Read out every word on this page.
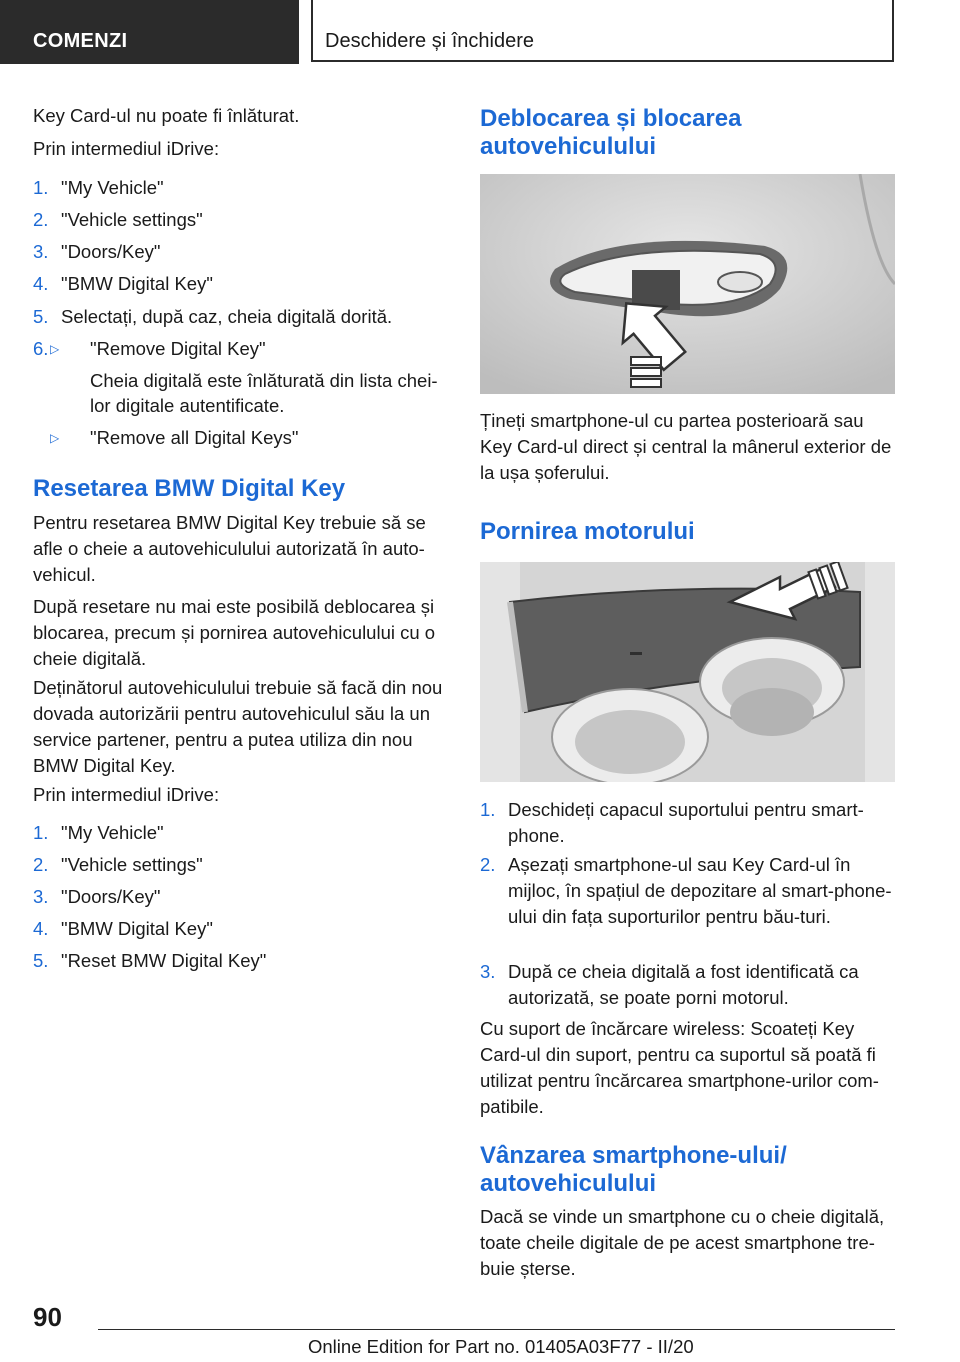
COMENZI	Deschidere și închidere

Key Card-ul nu poate fi înlăturat.

Prin intermediul iDrive:

1. "My Vehicle"
2. "Vehicle settings"
3. "Doors/Key"
4. "BMW Digital Key"
5. Selectați, după caz, cheia digitală dorită.
6. ▷ "Remove Digital Key"
Cheia digitală este înlăturată din lista chei-
lor digitale autentificate.
▷ "Remove all Digital Keys"
Resetarea BMW Digital Key

Pentru resetarea BMW Digital Key trebuie să se afle o cheie a autovehiculului autorizată în auto-vehicul.

După resetare nu mai este posibilă deblocarea și blocarea, precum și pornirea autovehiculului cu o cheie digitală.

Deținătorul autovehiculului trebuie să facă din nou dovada autorizării pentru autovehiculul său la un service partener, pentru a putea utiliza din nou BMW Digital Key.

Prin intermediul iDrive:

1. "My Vehicle"
2. "Vehicle settings"
3. "Doors/Key"
4. "BMW Digital Key"
5. "Reset BMW Digital Key"
Deblocarea și blocarea
autovehiculului

Țineți smartphone-ul cu partea posterioară sau Key Card-ul direct și central la mânerul exterior de la ușa șoferului.

Pornirea motorului
1. Deschideți capacul suportului pentru smart-phone.
2. Așezați smartphone-ul sau Key Card-ul în mijloc, în spațiul de depozitare al smart-phone-ului din fața suporturilor pentru bău-turi.
3. După ce cheia digitală a fost identificată ca autorizată, se poate porni motorul.

Cu suport de încărcare wireless: Scoateți Key Card-ul din suport, pentru ca suportul să poată fi utilizat pentru încărcarea smartphone-urilor com-patibile.

Vânzarea smartphone-ului/
autovehiculului

Dacă se vinde un smartphone cu o cheie digitală, toate cheile digitale de pe acest smartphone tre-buie șterse.

90
Online Edition for Part no. 01405A03F77 - II/20
